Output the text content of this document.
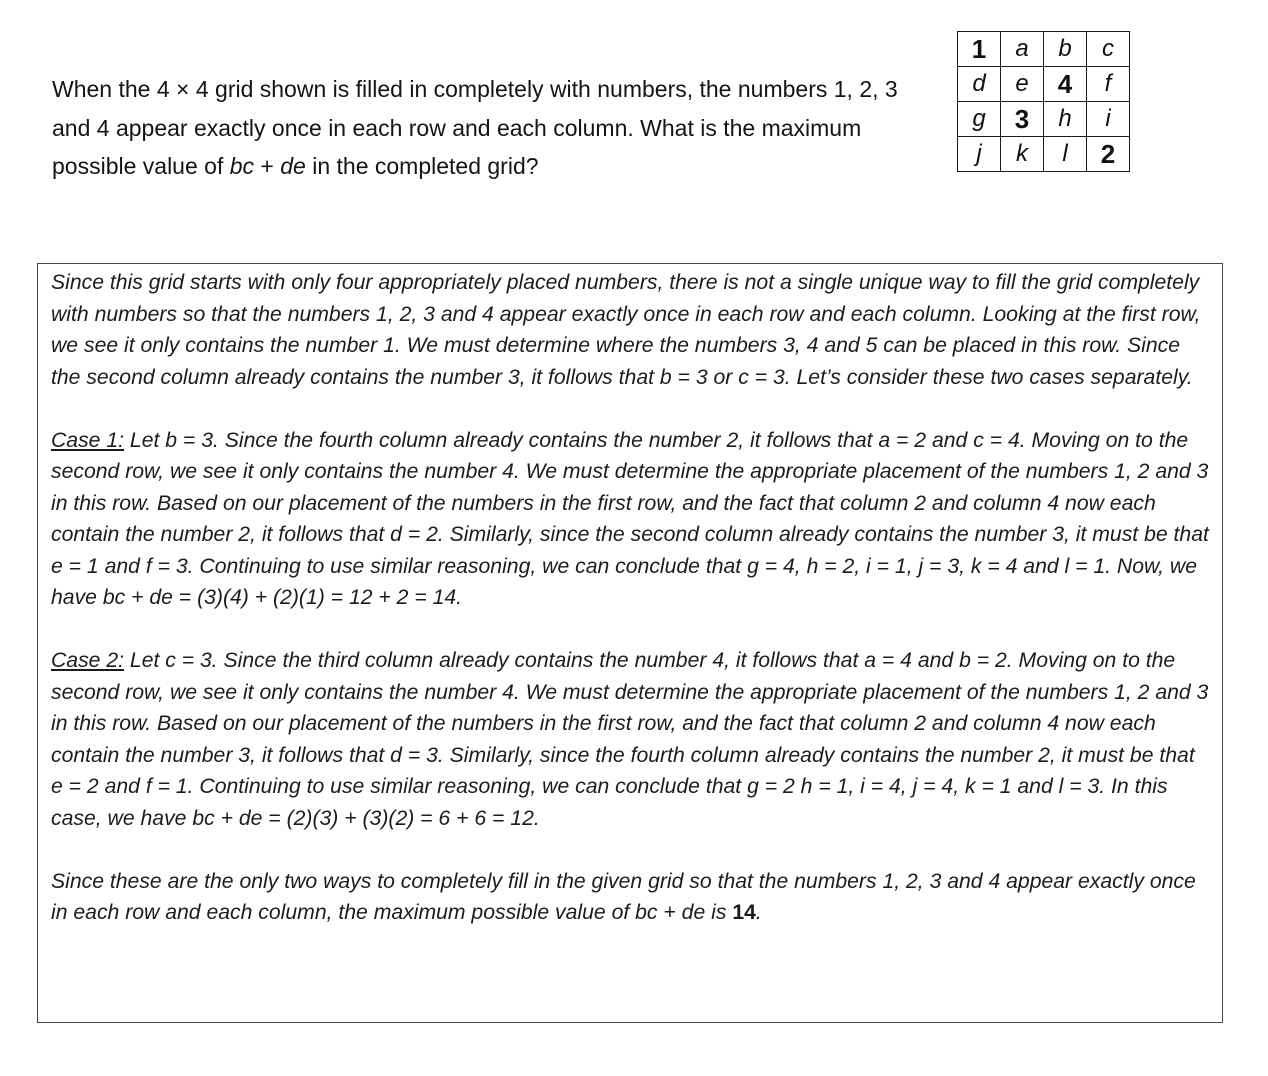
When the 4 × 4 grid shown is filled in completely with numbers, the numbers 1, 2, 3 and 4 appear exactly once in each row and each column. What is the maximum possible value of bc + de in the completed grid?
1	a	b	c
d	e	4	f
g	3	h	i
j	k	l	2

Since this grid starts with only four appropriately placed numbers, there is not a single unique way to fill the grid completely with numbers so that the numbers 1, 2, 3 and 4 appear exactly once in each row and each column. Looking at the first row, we see it only contains the number 1. We must determine where the numbers 3, 4 and 5 can be placed in this row. Since the second column already contains the number 3, it follows that b = 3 or c = 3. Let’s consider these two cases separately.

Case 1: Let b = 3. Since the fourth column already contains the number 2, it follows that a = 2 and c = 4. Moving on to the second row, we see it only contains the number 4. We must determine the appropriate placement of the numbers 1, 2 and 3 in this row. Based on our placement of the numbers in the first row, and the fact that column 2 and column 4 now each contain the number 2, it follows that d = 2. Similarly, since the second column already contains the number 3, it must be that e = 1 and f = 3. Continuing to use similar reasoning, we can conclude that g = 4, h = 2, i = 1, j = 3, k = 4 and l = 1. Now, we have bc + de = (3)(4) + (2)(1) = 12 + 2 = 14.

Case 2: Let c = 3. Since the third column already contains the number 4, it follows that a = 4 and b = 2. Moving on to the second row, we see it only contains the number 4. We must determine the appropriate placement of the numbers 1, 2 and 3 in this row. Based on our placement of the numbers in the first row, and the fact that column 2 and column 4 now each contain the number 3, it follows that d = 3. Similarly, since the fourth column already contains the number 2, it must be that e = 2 and f = 1. Continuing to use similar reasoning, we can conclude that g = 2 h = 1, i = 4, j = 4, k = 1 and l = 3. In this case, we have bc + de = (2)(3) + (3)(2) = 6 + 6 = 12.

Since these are the only two ways to completely fill in the given grid so that the numbers 1, 2, 3 and 4 appear exactly once in each row and each column, the maximum possible value of bc + de is 14.
